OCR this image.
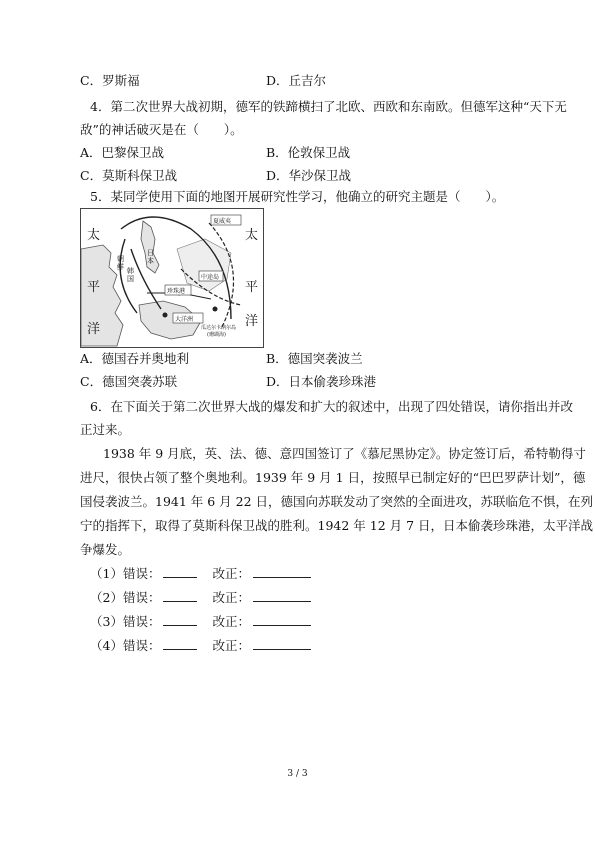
C．罗斯福	D．丘吉尔
4．第二次世界大战初期，德军的铁蹄横扫了北欧、西欧和东南欧。但德军这种“天下无
敌”的神话破灭是在（　　）。
A．巴黎保卫战	B．伦敦保卫战
C．莫斯科保卫战	D．华沙保卫战
5．某同学使用下面的地图开展研究性学习，他确立的研究主题是（　　）。
太
平
洋
太
平
洋
日
本
韩
国
朝
鲜
珍珠港
中途岛
夏威夷
大洋洲
瓜达尔卡纳尔岛
(珊瑚海)
A．德国吞并奥地利	B．德国突袭波兰
C．德国突袭苏联	D．日本偷袭珍珠港
6．在下面关于第二次世界大战的爆发和扩大的叙述中，出现了四处错误，请你指出并改
正过来。
1938 年 9 月底，英、法、德、意四国签订了《慕尼黑协定》。协定签订后，希特勒得寸
进尺，很快占领了整个奥地利。1939 年 9 月 1 日，按照早已制定好的“巴巴罗萨计划”，德
国侵袭波兰。1941 年 6 月 22 日，德国向苏联发动了突然的全面进攻，苏联临危不惧，在列
宁的指挥下，取得了莫斯科保卫战的胜利。1942 年 12 月 7 日，日本偷袭珍珠港，太平洋战
争爆发。
（1）错误：	改正：
（2）错误：	改正：
（3）错误：	改正：
（4）错误：	改正：
3 / 3
